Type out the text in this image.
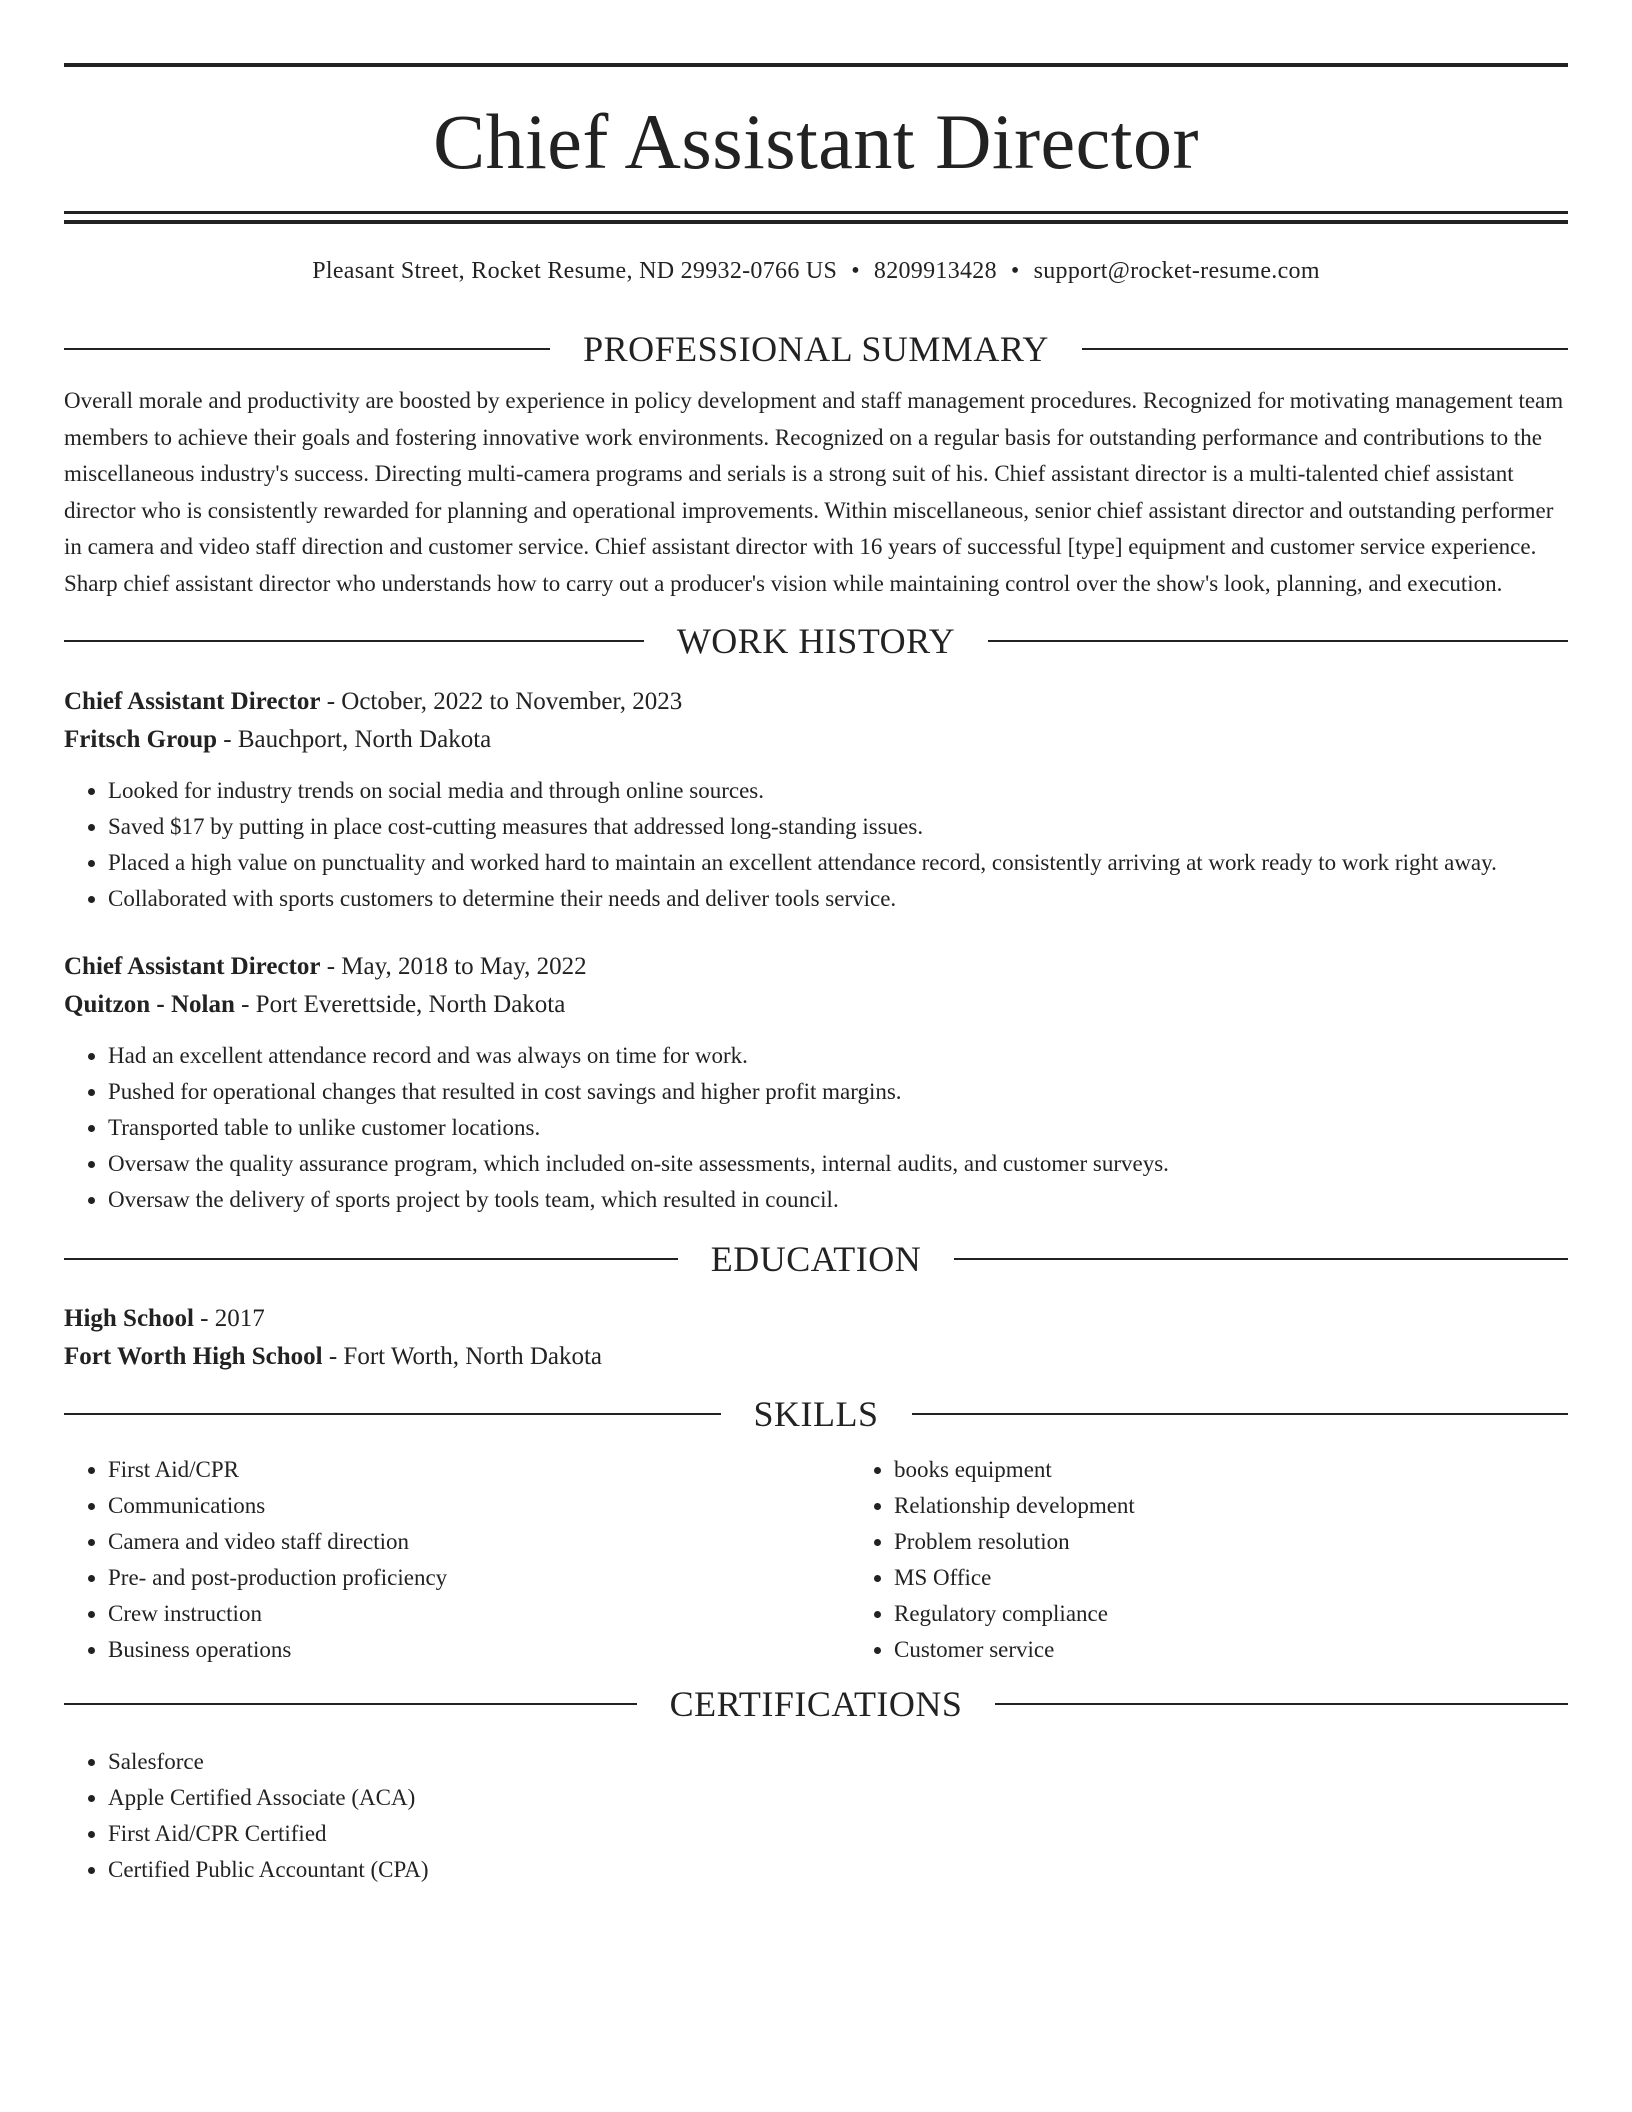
Chief Assistant Director
Pleasant Street, Rocket Resume, ND 29932-0766 US • 8209913428 • support@rocket-resume.com
PROFESSIONAL SUMMARY

Overall morale and productivity are boosted by experience in policy development and staff management procedures. Recognized for motivating management team members to achieve their goals and fostering innovative work environments. Recognized on a regular basis for outstanding performance and contributions to the miscellaneous industry's success. Directing multi-camera programs and serials is a strong suit of his. Chief assistant director is a multi-talented chief assistant director who is consistently rewarded for planning and operational improvements. Within miscellaneous, senior chief assistant director and outstanding performer in camera and video staff direction and customer service. Chief assistant director with 16 years of successful [type] equipment and customer service experience. Sharp chief assistant director who understands how to carry out a producer's vision while maintaining control over the show's look, planning, and execution.

WORK HISTORY

Chief Assistant Director - October, 2022 to November, 2023

Fritsch Group - Bauchport, North Dakota

• Looked for industry trends on social media and through online sources.
• Saved $17 by putting in place cost-cutting measures that addressed long-standing issues.
• Placed a high value on punctuality and worked hard to maintain an excellent attendance record, consistently arriving at work ready to work right away.
• Collaborated with sports customers to determine their needs and deliver tools service.

Chief Assistant Director - May, 2018 to May, 2022

Quitzon - Nolan - Port Everettside, North Dakota

• Had an excellent attendance record and was always on time for work.
• Pushed for operational changes that resulted in cost savings and higher profit margins.
• Transported table to unlike customer locations.
• Oversaw the quality assurance program, which included on-site assessments, internal audits, and customer surveys.
• Oversaw the delivery of sports project by tools team, which resulted in council.
EDUCATION

High School - 2017

Fort Worth High School - Fort Worth, North Dakota

SKILLS
• First Aid/CPR
• Communications
• Camera and video staff direction
• Pre- and post-production proficiency
• Crew instruction
• Business operations
• books equipment
• Relationship development
• Problem resolution
• MS Office
• Regulatory compliance
• Customer service
CERTIFICATIONS
• Salesforce
• Apple Certified Associate (ACA)
• First Aid/CPR Certified
• Certified Public Accountant (CPA)
